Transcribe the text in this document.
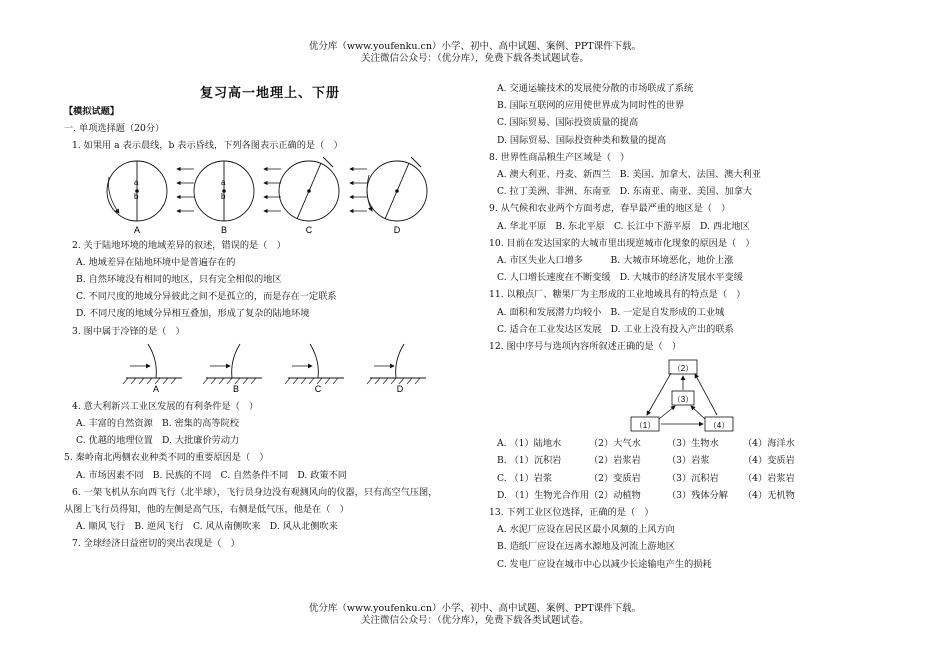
优分库（www.youfenku.cn）小学、初中、高中试题、案例、PPT课件下载。
关注微信公众号：（优分库），免费下载各类试题试卷。
复习高一地理上、下册
【模拟试题】
一. 单项选择题（20分）
1. 如果用 a 表示晨线，b 表示昏线，下列各图表示正确的是（　）
a
b
A
a
b
B	C	D
2. 关于陆地环境的地域差异的叙述，错误的是（　）
A. 地域差异在陆地环境中是普遍存在的
B. 自然环境没有相同的地区，只有完全相似的地区
C. 不同尺度的地域分异彼此之间不是孤立的，而是存在一定联系
D. 不同尺度的地域分异相互叠加，形成了复杂的陆地环境
3. 图中属于冷锋的是（　）
A	B	C	D
4. 意大利新兴工业区发展的有利条件是（　）
A. 丰富的自然资源　B. 密集的高等院校
C. 优越的地理位置　D. 大批廉价劳动力
5. 秦岭南北两侧农业种类不同的重要原因是（　）
A. 市场因素不同　B. 民族的不同　C. 自然条件不同　D. 政策不同
6. 一架飞机从东向西飞行（北半球），飞行员身边没有观测风向的仪器，只有高空气压图，
从图上飞行员得知，他的左侧是高气压，右侧是低气压，他是在（　）
A. 顺风飞行　B. 逆风飞行　C. 风从南侧吹来　D. 风从北侧吹来
7. 全球经济日益密切的突出表现是（　）
A. 交通运输技术的发展使分散的市场联成了系统
B. 国际互联网的应用使世界成为同时性的世界
C. 国际贸易、国际投资质量的提高
D. 国际贸易、国际投资种类和数量的提高
8. 世界性商品粮生产区域是（　）
A. 澳大利亚、丹麦、新西兰　B. 美国、加拿大、法国、澳大利亚
C. 拉丁美洲、非洲、东南亚　D. 东南亚、南亚、美国、加拿大
9. 从气候和农业两个方面考虑，春旱最严重的地区是（　）
A. 华北平原　B. 东北平原　C. 长江中下游平原　D. 西北地区
10. 目前在发达国家的大城市里出现逆城市化现象的原因是（　）
A. 市区失业人口增多　　　B. 大城市环境恶化，地价上涨
C. 人口增长速度在不断变缓　D. 大城市的经济发展水平变缓
11. 以粮点厂、糖果厂为主形成的工业地域具有的特点是（　）
A. 面积和发展潜力均较小　B. 一定是自发形成的工业城
C. 适合在工业发达区发展　D. 工业上没有投入产出的联系
12. 图中序号与选项内容所叙述正确的是（　）
（2）
（3）
（1）	（4）
A. （1）陆地水	（2）大气水	（3）生物水	（4）海洋水
B. （1）沉积岩	（2）岩浆岩	（3）岩浆	（4）变质岩
C. （1）岩浆	（2）变质岩	（3）沉积岩	（4）岩浆岩
D. （1）生物光合作用 （2）动植物	（3）残体分解	（4）无机物
13. 下列工业区位选择，正确的是（　）
A. 水泥厂应设在居民区最小风频的上风方向
B. 造纸厂应设在远离水源地及河流上游地区
C. 发电厂应设在城市中心以减少长途输电产生的损耗
优分库（www.youfenku.cn）小学、初中、高中试题、案例、PPT课件下载。
关注微信公众号：（优分库），免费下载各类试题试卷。
